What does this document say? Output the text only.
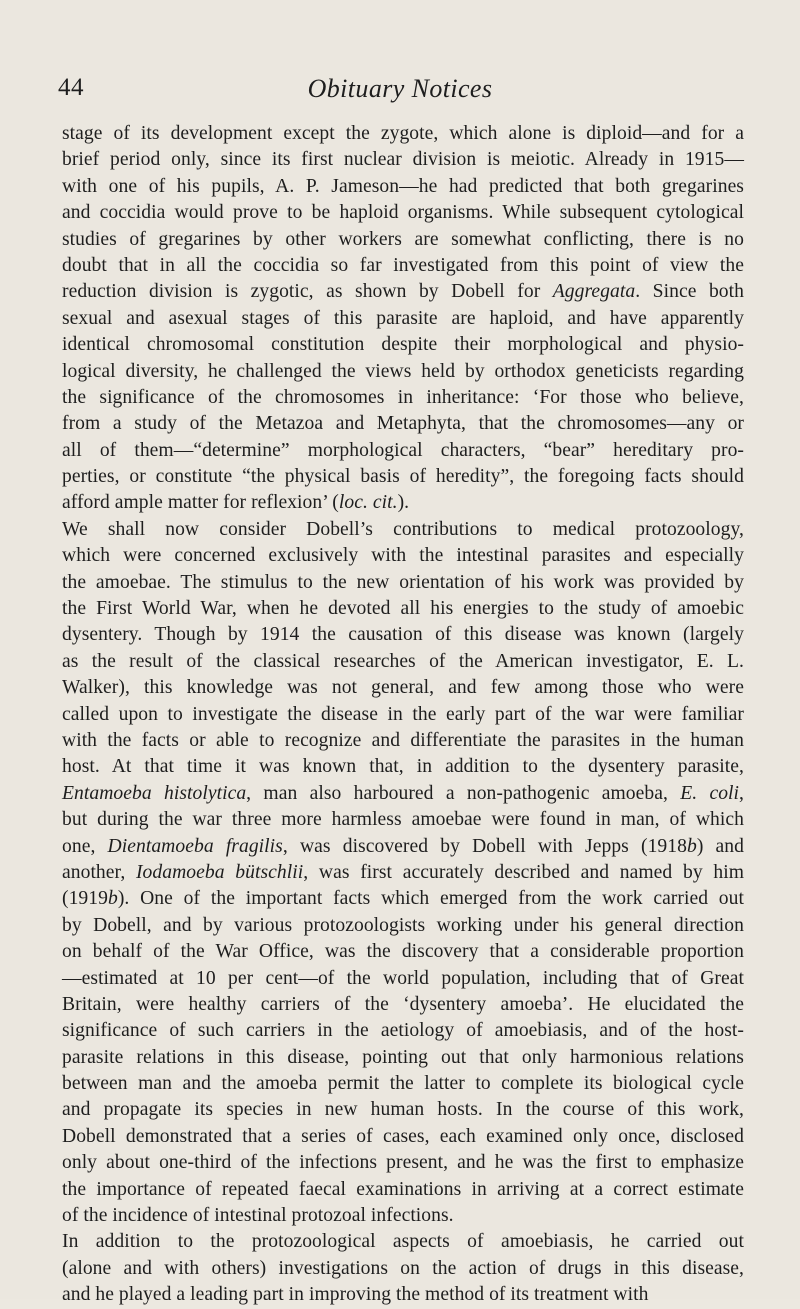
44	Obituary Notices
stage of its development except the zygote, which alone is diploid—and for a
brief period only, since its first nuclear division is meiotic. Already in 1915—
with one of his pupils, A. P. Jameson—he had predicted that both gregarines
and coccidia would prove to be haploid organisms. While subsequent cytological
studies of gregarines by other workers are somewhat conflicting, there is no
doubt that in all the coccidia so far investigated from this point of view the
reduction division is zygotic, as shown by Dobell for Aggregata. Since both
sexual and asexual stages of this parasite are haploid, and have apparently
identical chromosomal constitution despite their morphological and physio-
logical diversity, he challenged the views held by orthodox geneticists regarding
the significance of the chromosomes in inheritance: ‘For those who believe,
from a study of the Metazoa and Metaphyta, that the chromosomes—any or
all of them—“determine” morphological characters, “bear” hereditary pro-
perties, or constitute “the physical basis of heredity”, the foregoing facts should
afford ample matter for reflexion’ (loc. cit.).
We shall now consider Dobell’s contributions to medical protozoology,
which were concerned exclusively with the intestinal parasites and especially
the amoebae. The stimulus to the new orientation of his work was provided by
the First World War, when he devoted all his energies to the study of amoebic
dysentery. Though by 1914 the causation of this disease was known (largely
as the result of the classical researches of the American investigator, E. L.
Walker), this knowledge was not general, and few among those who were
called upon to investigate the disease in the early part of the war were familiar
with the facts or able to recognize and differentiate the parasites in the human
host. At that time it was known that, in addition to the dysentery parasite,
Entamoeba histolytica, man also harboured a non-pathogenic amoeba, E. coli,
but during the war three more harmless amoebae were found in man, of which
one, Dientamoeba fragilis, was discovered by Dobell with Jepps (1918b) and
another, Iodamoeba bütschlii, was first accurately described and named by him
(1919b). One of the important facts which emerged from the work carried out
by Dobell, and by various protozoologists working under his general direction
on behalf of the War Office, was the discovery that a considerable proportion
—estimated at 10 per cent—of the world population, including that of Great
Britain, were healthy carriers of the ‘dysentery amoeba’. He elucidated the
significance of such carriers in the aetiology of amoebiasis, and of the host-
parasite relations in this disease, pointing out that only harmonious relations
between man and the amoeba permit the latter to complete its biological cycle
and propagate its species in new human hosts. In the course of this work,
Dobell demonstrated that a series of cases, each examined only once, disclosed
only about one-third of the infections present, and he was the first to emphasize
the importance of repeated faecal examinations in arriving at a correct estimate
of the incidence of intestinal protozoal infections.
In addition to the protozoological aspects of amoebiasis, he carried out
(alone and with others) investigations on the action of drugs in this disease,
and he played a leading part in improving the method of its treatment with
